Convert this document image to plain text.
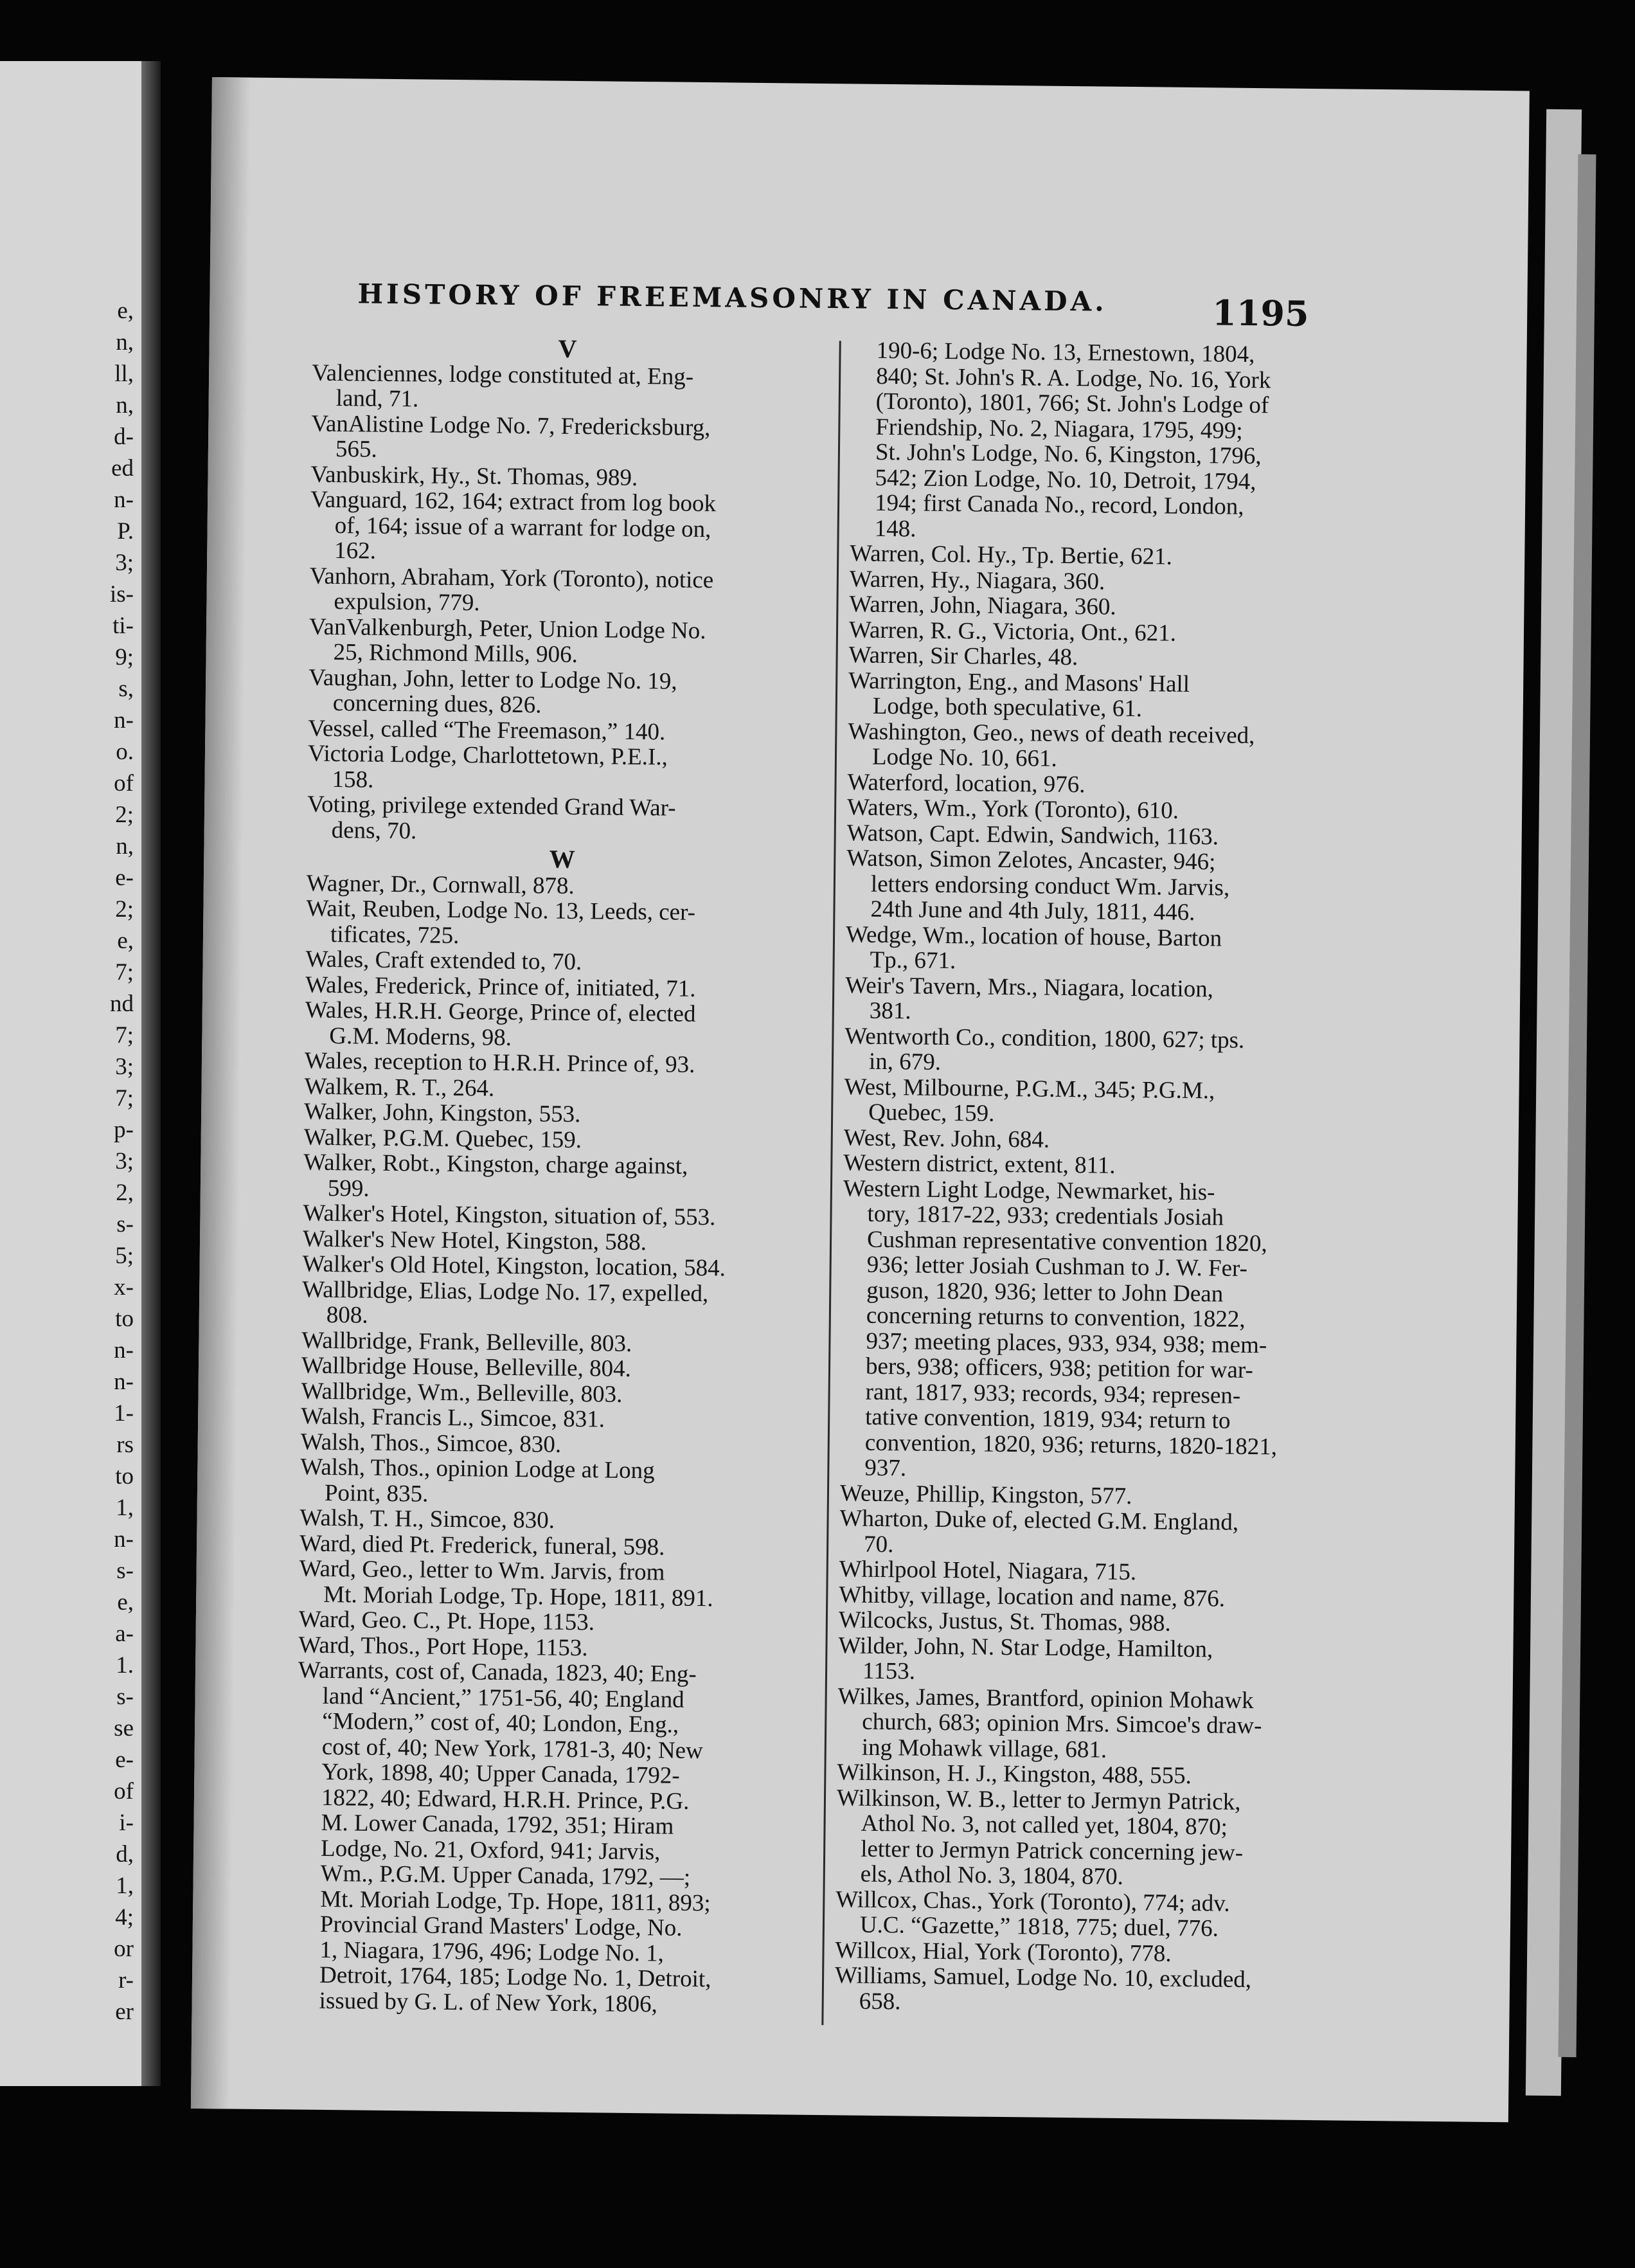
e,
n,
ll,
n,
d-
ed
n-
P.
3;
is-
ti-
9;
s,
n-
o.
of
2;
n,
e-
2;
e,
7;
nd
7;
3;
7;
p-
3;
2,
s-
5;
x-
to
n-
n-
1-
rs
to
1,
n-
s-
e,
a-
1.
s-
se
e-
of
i-
d,
1,
4;
or
r-
er
HISTORY OF FREEMASONRY IN CANADA.	1195

V

Valenciennes, lodge constituted at, Eng-

land, 71.

VanAlistine Lodge No. 7, Fredericksburg,

565.

Vanbuskirk, Hy., St. Thomas, 989.

Vanguard, 162, 164; extract from log book

of, 164; issue of a warrant for lodge on,

162.

Vanhorn, Abraham, York (Toronto), notice

expulsion, 779.

VanValkenburgh, Peter, Union Lodge No.

25, Richmond Mills, 906.

Vaughan, John, letter to Lodge No. 19,

concerning dues, 826.

Vessel, called “The Freemason,” 140.

Victoria Lodge, Charlottetown, P.E.I.,

158.

Voting, privilege extended Grand War-

dens, 70.

W

Wagner, Dr., Cornwall, 878.

Wait, Reuben, Lodge No. 13, Leeds, cer-

tificates, 725.

Wales, Craft extended to, 70.

Wales, Frederick, Prince of, initiated, 71.

Wales, H.R.H. George, Prince of, elected

G.M. Moderns, 98.

Wales, reception to H.R.H. Prince of, 93.

Walkem, R. T., 264.

Walker, John, Kingston, 553.

Walker, P.G.M. Quebec, 159.

Walker, Robt., Kingston, charge against,

599.

Walker's Hotel, Kingston, situation of, 553.

Walker's New Hotel, Kingston, 588.

Walker's Old Hotel, Kingston, location, 584.

Wallbridge, Elias, Lodge No. 17, expelled,

808.

Wallbridge, Frank, Belleville, 803.

Wallbridge House, Belleville, 804.

Wallbridge, Wm., Belleville, 803.

Walsh, Francis L., Simcoe, 831.

Walsh, Thos., Simcoe, 830.

Walsh, Thos., opinion Lodge at Long

Point, 835.

Walsh, T. H., Simcoe, 830.

Ward, died Pt. Frederick, funeral, 598.

Ward, Geo., letter to Wm. Jarvis, from

Mt. Moriah Lodge, Tp. Hope, 1811, 891.

Ward, Geo. C., Pt. Hope, 1153.

Ward, Thos., Port Hope, 1153.

Warrants, cost of, Canada, 1823, 40; Eng-

land “Ancient,” 1751-56, 40; England

“Modern,” cost of, 40; London, Eng.,

cost of, 40; New York, 1781-3, 40; New

York, 1898, 40; Upper Canada, 1792-

1822, 40; Edward, H.R.H. Prince, P.G.

M. Lower Canada, 1792, 351; Hiram

Lodge, No. 21, Oxford, 941; Jarvis,

Wm., P.G.M. Upper Canada, 1792, —;

Mt. Moriah Lodge, Tp. Hope, 1811, 893;

Provincial Grand Masters' Lodge, No.

1, Niagara, 1796, 496; Lodge No. 1,

Detroit, 1764, 185; Lodge No. 1, Detroit,

issued by G. L. of New York, 1806,

190-6; Lodge No. 13, Ernestown, 1804,

840; St. John's R. A. Lodge, No. 16, York

(Toronto), 1801, 766; St. John's Lodge of

Friendship, No. 2, Niagara, 1795, 499;

St. John's Lodge, No. 6, Kingston, 1796,

542; Zion Lodge, No. 10, Detroit, 1794,

194; first Canada No., record, London,

148.

Warren, Col. Hy., Tp. Bertie, 621.

Warren, Hy., Niagara, 360.

Warren, John, Niagara, 360.

Warren, R. G., Victoria, Ont., 621.

Warren, Sir Charles, 48.

Warrington, Eng., and Masons' Hall

Lodge, both speculative, 61.

Washington, Geo., news of death received,

Lodge No. 10, 661.

Waterford, location, 976.

Waters, Wm., York (Toronto), 610.

Watson, Capt. Edwin, Sandwich, 1163.

Watson, Simon Zelotes, Ancaster, 946;

letters endorsing conduct Wm. Jarvis,

24th June and 4th July, 1811, 446.

Wedge, Wm., location of house, Barton

Tp., 671.

Weir's Tavern, Mrs., Niagara, location,

381.

Wentworth Co., condition, 1800, 627; tps.

in, 679.

West, Milbourne, P.G.M., 345; P.G.M.,

Quebec, 159.

West, Rev. John, 684.

Western district, extent, 811.

Western Light Lodge, Newmarket, his-

tory, 1817-22, 933; credentials Josiah

Cushman representative convention 1820,

936; letter Josiah Cushman to J. W. Fer-

guson, 1820, 936; letter to John Dean

concerning returns to convention, 1822,

937; meeting places, 933, 934, 938; mem-

bers, 938; officers, 938; petition for war-

rant, 1817, 933; records, 934; represen-

tative convention, 1819, 934; return to

convention, 1820, 936; returns, 1820-1821,

937.

Weuze, Phillip, Kingston, 577.

Wharton, Duke of, elected G.M. England,

70.

Whirlpool Hotel, Niagara, 715.

Whitby, village, location and name, 876.

Wilcocks, Justus, St. Thomas, 988.

Wilder, John, N. Star Lodge, Hamilton,

1153.

Wilkes, James, Brantford, opinion Mohawk

church, 683; opinion Mrs. Simcoe's draw-

ing Mohawk village, 681.

Wilkinson, H. J., Kingston, 488, 555.

Wilkinson, W. B., letter to Jermyn Patrick,

Athol No. 3, not called yet, 1804, 870;

letter to Jermyn Patrick concerning jew-

els, Athol No. 3, 1804, 870.

Willcox, Chas., York (Toronto), 774; adv.

U.C. “Gazette,” 1818, 775; duel, 776.

Willcox, Hial, York (Toronto), 778.

Williams, Samuel, Lodge No. 10, excluded,

658.
